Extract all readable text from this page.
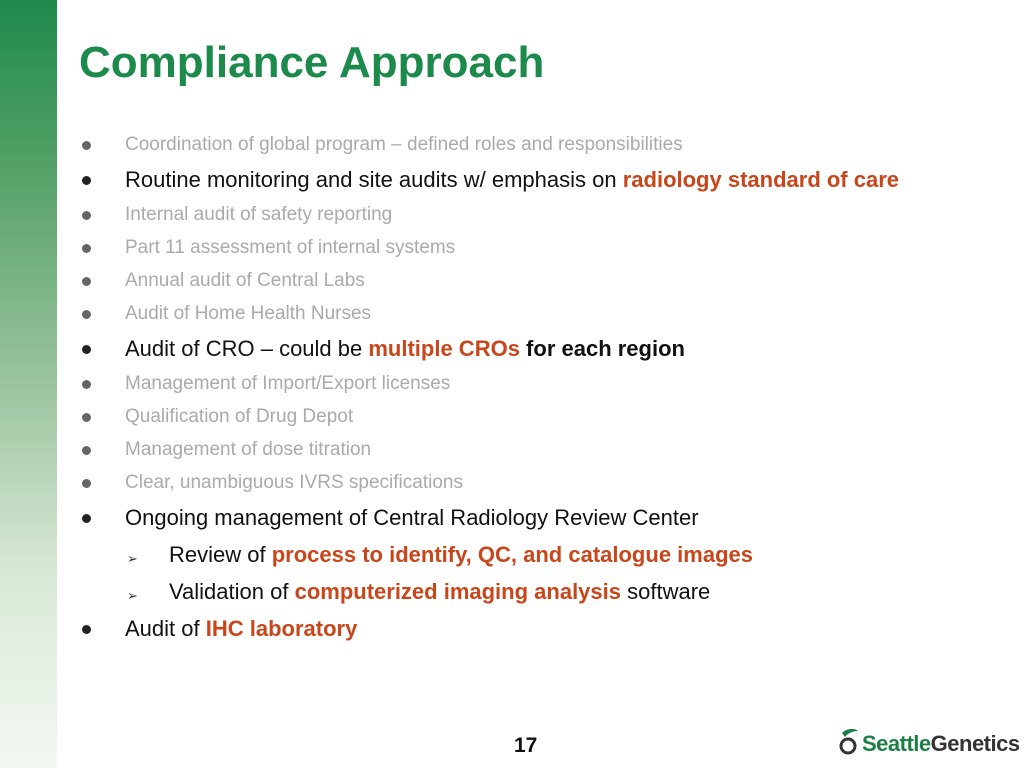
Compliance Approach
Coordination of global program – defined roles and responsibilities
Routine monitoring and site audits w/ emphasis on radiology standard of care
Internal audit of safety reporting
Part 11 assessment of internal systems
Annual audit of Central Labs
Audit of Home Health Nurses
Audit of CRO – could be multiple CROs for each region
Management of Import/Export licenses
Qualification of Drug Depot
Management of dose titration
Clear, unambiguous IVRS specifications
Ongoing management of Central Radiology Review Center
➢ Review of process to identify, QC, and catalogue images
➢ Validation of computerized imaging analysis software
Audit of IHC laboratory
17	Seattle Genetics
